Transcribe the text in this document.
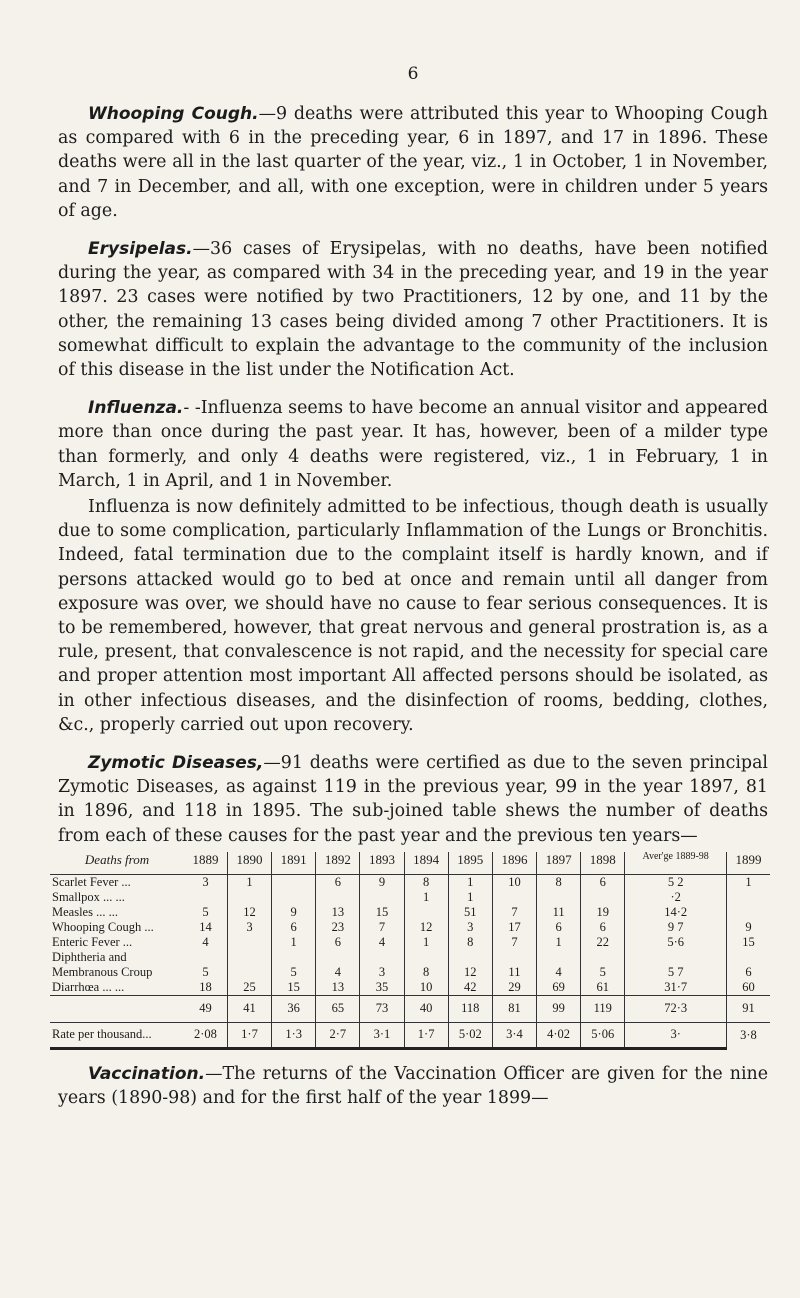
6

Whooping Cough.—9 deaths were attributed this year to Whooping Cough as compared with 6 in the preceding year, 6 in 1897, and 17 in 1896. These deaths were all in the last quarter of the year, viz., 1 in October, 1 in November, and 7 in December, and all, with one exception, were in children under 5 years of age.

Erysipelas.—36 cases of Erysipelas, with no deaths, have been notified during the year, as compared with 34 in the preceding year, and 19 in the year 1897. 23 cases were notified by two Practitioners, 12 by one, and 11 by the other, the remaining 13 cases being divided among 7 other Practitioners. It is somewhat difficult to explain the advantage to the community of the inclusion of this disease in the list under the Notification Act.

Influenza.- -Influenza seems to have become an annual visitor and appeared more than once during the past year. It has, however, been of a milder type than formerly, and only 4 deaths were registered, viz., 1 in February, 1 in March, 1 in April, and 1 in November.

Influenza is now definitely admitted to be infectious, though death is usually due to some complication, particularly Inflammation of the Lungs or Bronchitis. Indeed, fatal termination due to the complaint itself is hardly known, and if persons attacked would go to bed at once and remain until all danger from exposure was over, we should have no cause to fear serious consequences. It is to be remembered, however, that great nervous and general prostration is, as a rule, present, that convalescence is not rapid, and the necessity for special care and proper attention most important All affected persons should be isolated, as in other infectious diseases, and the disinfection of rooms, bedding, clothes, &c., properly carried out upon recovery.

Zymotic Diseases,—91 deaths were certified as due to the seven principal Zymotic Diseases, as against 119 in the previous year, 99 in the year 1897, 81 in 1896, and 118 in 1895. The sub-joined table shews the number of deaths from each of these causes for the past year and the previous ten years—

Deaths from	1889	1890	1891	1892	1893	1894	1895	1896	1897	1898	Aver'ge 1889-98	1899
Scarlet Fever ...	3	1		6	9	8	1	10	8	6	5 2	1
Smallpox ... ...						1	1				·2	
Measles ... ...	5	12	9	13	15		51	7	11	19	14·2	
Whooping Cough ...	14	3	6	23	7	12	3	17	6	6	9 7	9
Enteric Fever ...	4		1	6	4	1	8	7	1	22	5·6	15
Diphtheria and												
Membranous Croup	5		5	4	3	8	12	11	4	5	5 7	6
Diarrhœa ... ...	18	25	15	13	35	10	42	29	69	61	31·7	60
	49	41	36	65	73	40	118	81	99	119	72·3	91
Rate per thousand...	2·08	1·7	1·3	2·7	3·1	1·7	5·02	3·4	4·02	5·06	3·	3·8

Vaccination.—The returns of the Vaccination Officer are given for the nine years (1890-98) and for the first half of the year 1899—
